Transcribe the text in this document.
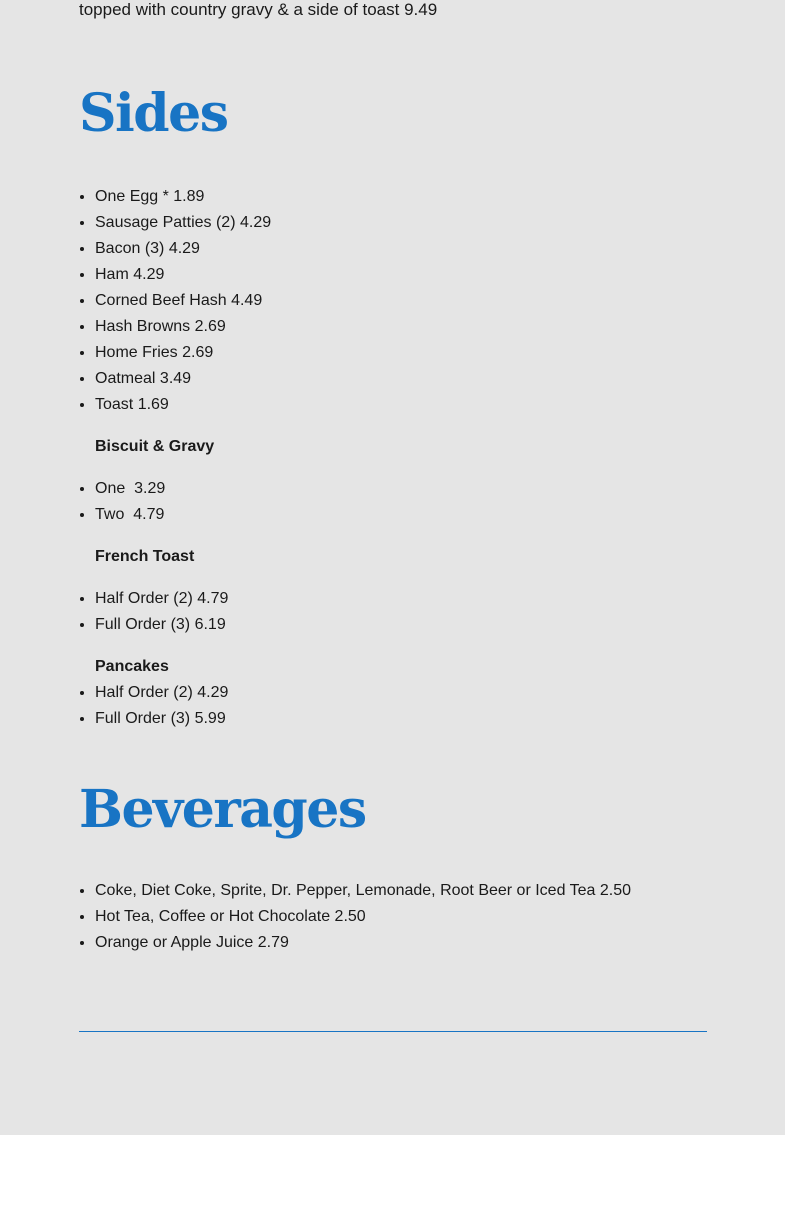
topped with country gravy & a side of toast 9.49
Sides
• One Egg * 1.89
• Sausage Patties (2) 4.29
• Bacon (3) 4.29
• Ham 4.29
• Corned Beef Hash 4.49
• Hash Browns 2.69
• Home Fries 2.69
• Oatmeal 3.49
• Toast 1.69
Biscuit & Gravy
• One  3.29
• Two  4.79
French Toast
• Half Order (2) 4.79
• Full Order (3) 6.19
Pancakes
• Half Order (2) 4.29
• Full Order (3) 5.99
Beverages
• Coke, Diet Coke, Sprite, Dr. Pepper, Lemonade, Root Beer or Iced Tea 2.50
• Hot Tea, Coffee or Hot Chocolate 2.50
• Orange or Apple Juice 2.79
